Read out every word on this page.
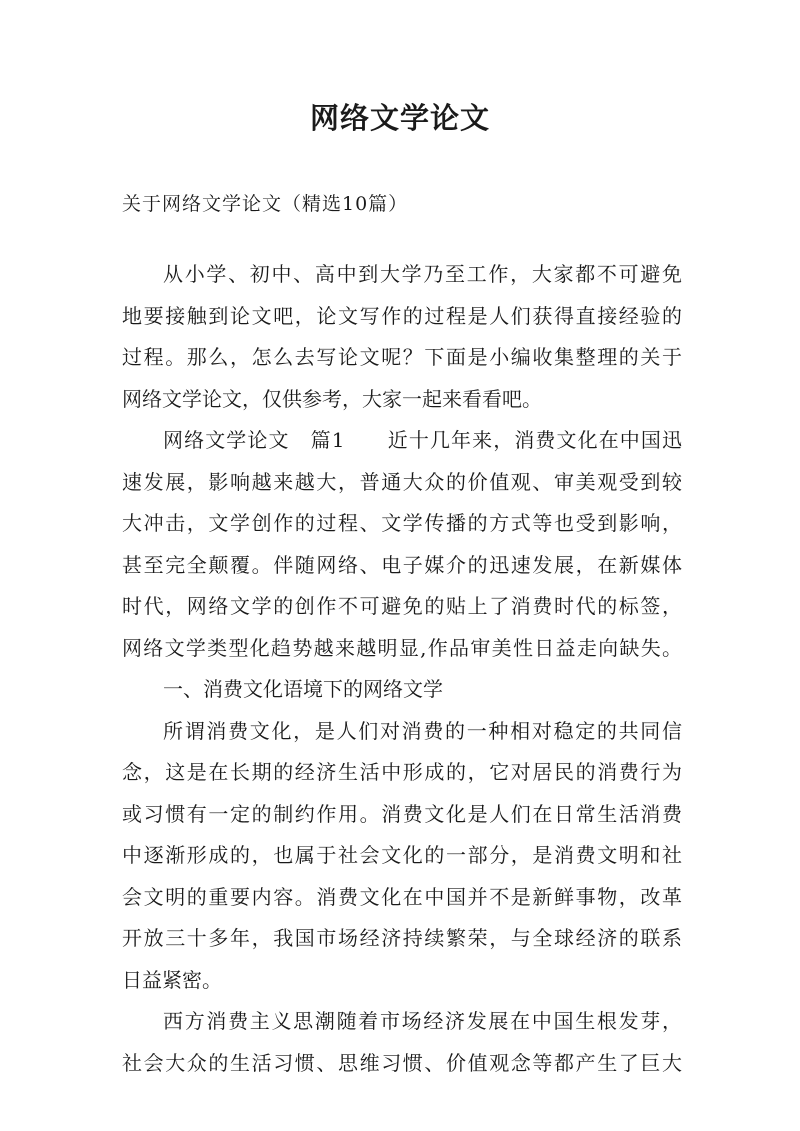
网络文学论文

关于网络文学论文（精选10篇）

从小学、初中、高中到大学乃至工作，大家都不可避免

地要接触到论文吧，论文写作的过程是人们获得直接经验的

过程。那么，怎么去写论文呢？下面是小编收集整理的关于

网络文学论文，仅供参考，大家一起来看看吧。

网络文学论文　篇1　　近十几年来，消费文化在中国迅

速发展，影响越来越大，普通大众的价值观、审美观受到较

大冲击，文学创作的过程、文学传播的方式等也受到影响，

甚至完全颠覆。伴随网络、电子媒介的迅速发展，在新媒体

时代，网络文学的创作不可避免的贴上了消费时代的标签，

网络文学类型化趋势越来越明显,作品审美性日益走向缺失。

一、消费文化语境下的网络文学

所谓消费文化，是人们对消费的一种相对稳定的共同信

念，这是在长期的经济生活中形成的，它对居民的消费行为

或习惯有一定的制约作用。消费文化是人们在日常生活消费

中逐渐形成的，也属于社会文化的一部分，是消费文明和社

会文明的重要内容。消费文化在中国并不是新鲜事物，改革

开放三十多年，我国市场经济持续繁荣，与全球经济的联系

日益紧密。

西方消费主义思潮随着市场经济发展在中国生根发芽，

社会大众的生活习惯、思维习惯、价值观念等都产生了巨大
